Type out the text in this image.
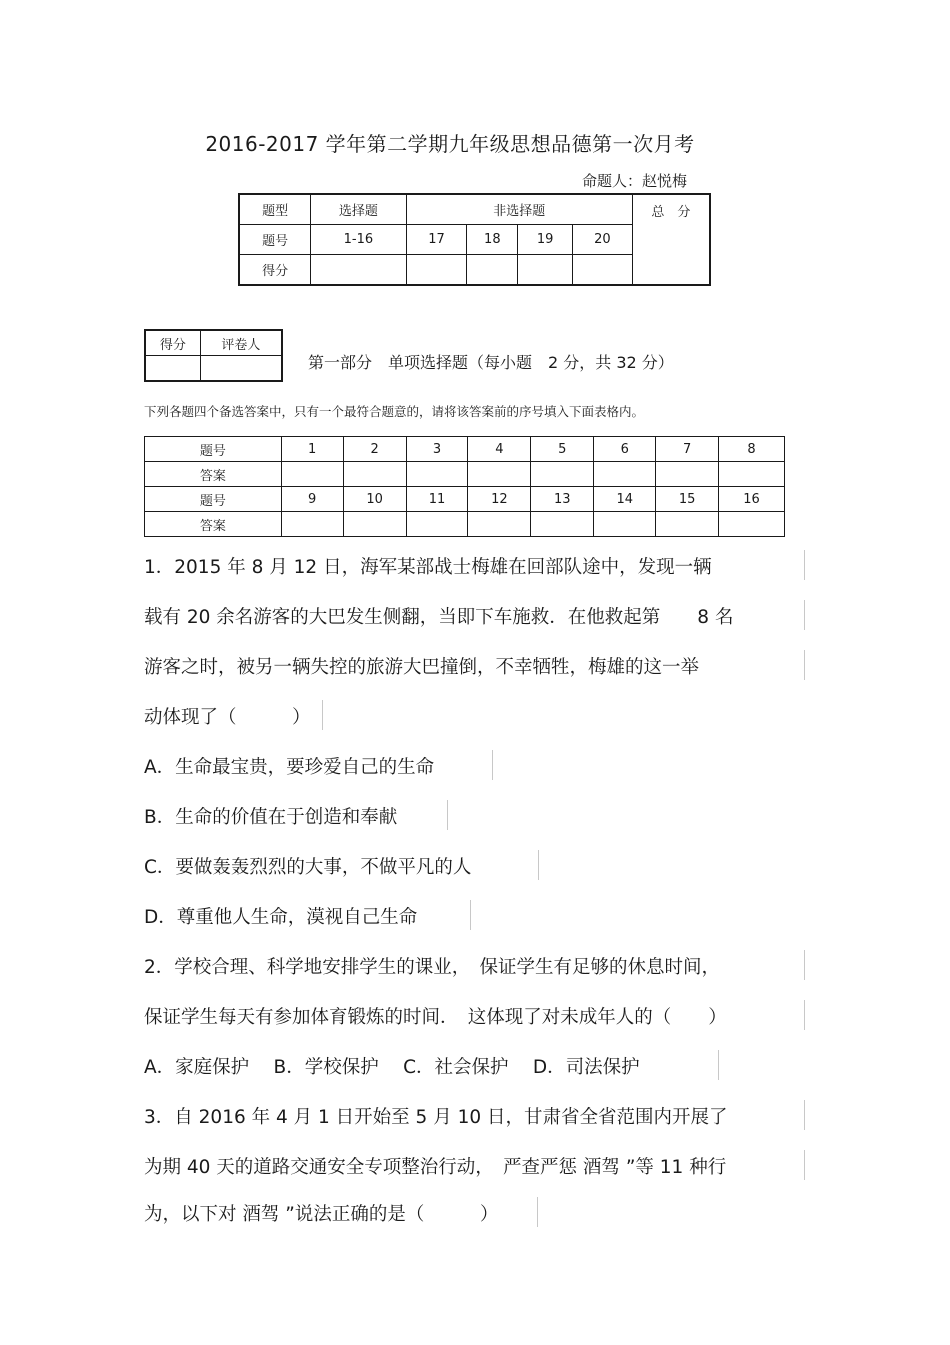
2016-2017 学年第二学期九年级思想品德第一次月考
命题人：赵悦梅
题型	选择题	非选择题				总　分
题号	1-16	17	18	19	20	
得分						
得分	评卷人

第一部分　单项选择题（每小题　2 分，共 32 分）
下列各题四个备选答案中，只有一个最符合题意的，请将该答案前的序号填入下面表格内。
题号	1	2	3	4	5	6	7	8
答案								
题号	9	10	11	12	13	14	15	16
答案								
1．2015 年 8 月 12 日，海军某部战士梅雄在回部队途中，发现一辆
载有 20 余名游客的大巴发生侧翻，当即下车施救．在他救起第　　8 名
游客之时，被另一辆失控的旅游大巴撞倒，不幸牺牲，梅雄的这一举
动体现了（　　　）
A．生命最宝贵，要珍爱自己的生命
B．生命的价值在于创造和奉献
C．要做轰轰烈烈的大事，不做平凡的人
D．尊重他人生命，漠视自己生命
2．学校合理、科学地安排学生的课业，　保证学生有足够的休息时间，
保证学生每天有参加体育锻炼的时间．　这体现了对未成年人的（　　）
A．家庭保护　 B．学校保护　 C．社会保护　 D．司法保护
3．自 2016 年 4 月 1 日开始至 5 月 10 日，甘肃省全省范围内开展了
为期 40 天的道路交通安全专项整治行动，　严查严惩 酒驾 ”等 11 种行
为，以下对 酒驾 ”说法正确的是（　　　）
